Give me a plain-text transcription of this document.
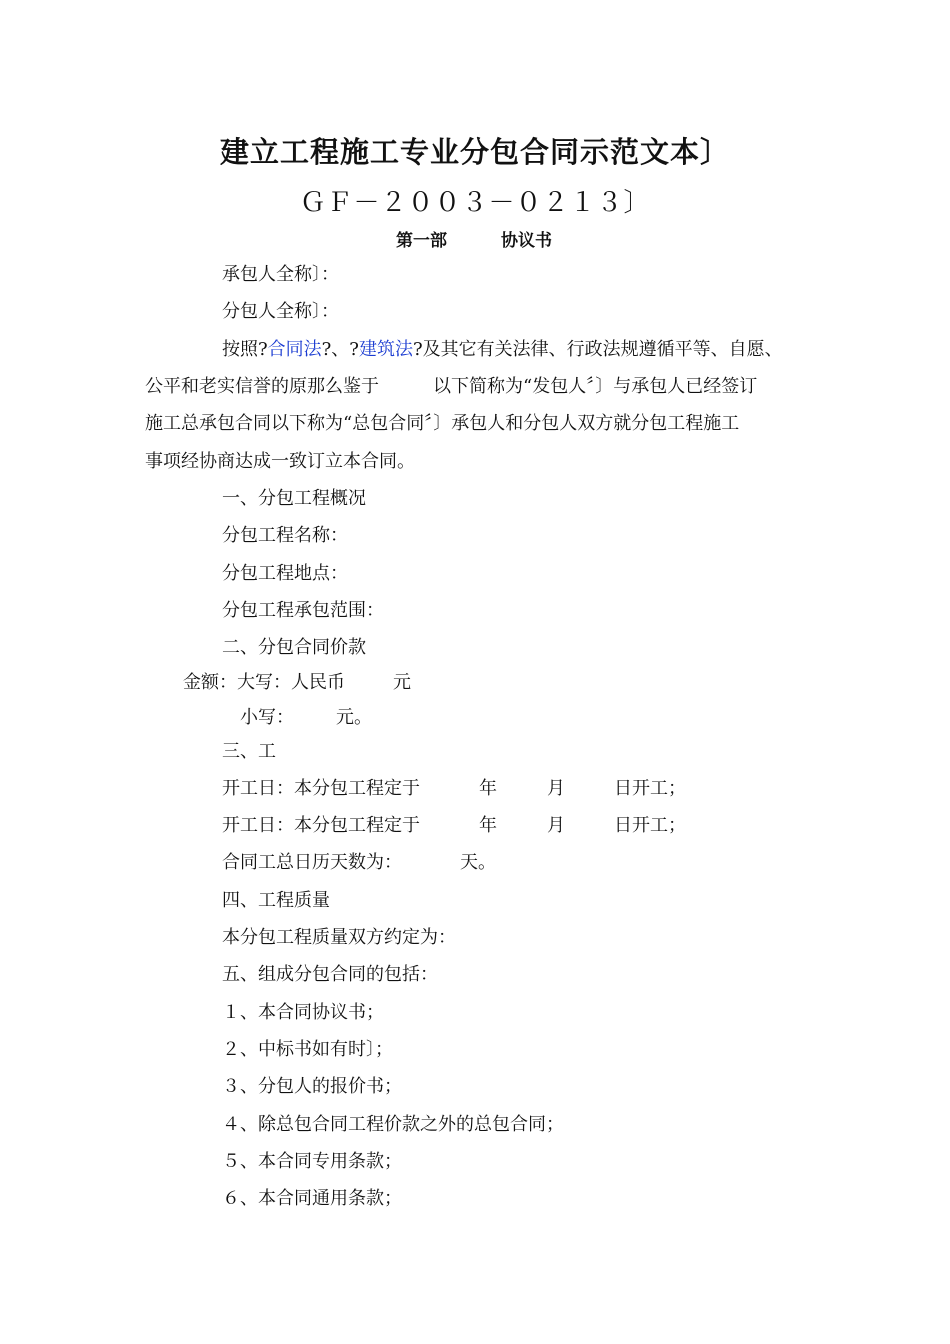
建立工程施工专业分包合同示范文本〕
ＧＦ－２００３－０２１３〕
第一部	协议书
承包人全称〕：
分包人全称〕：
按照?合同法?、?建筑法?及其它有关法律、行政法规遵循平等、自愿、
公平和老实信誉的原那么鉴于　　　以下简称为“发包人〞〕与承包人已经签订
施工总承包合同以下称为“总包合同〞〕承包人和分包人双方就分包工程施工
事项经协商达成一致订立本合同。
一、分包工程概况
分包工程名称：
分包工程地点：
分包工程承包范围：
二、分包合同价款
金额：大写：人民币	元
小写： 元。
三、工
开工日：本分包工程定于	年	月	日开工；
开工日：本分包工程定于	年	月	日开工；
合同工总日历天数为：	天。
四、工程质量
本分包工程质量双方约定为：
五、组成分包合同的包括：
１、本合同协议书；
２、中标书如有时〕；
３、分包人的报价书；
４、除总包合同工程价款之外的总包合同；
５、本合同专用条款；
６、本合同通用条款；
